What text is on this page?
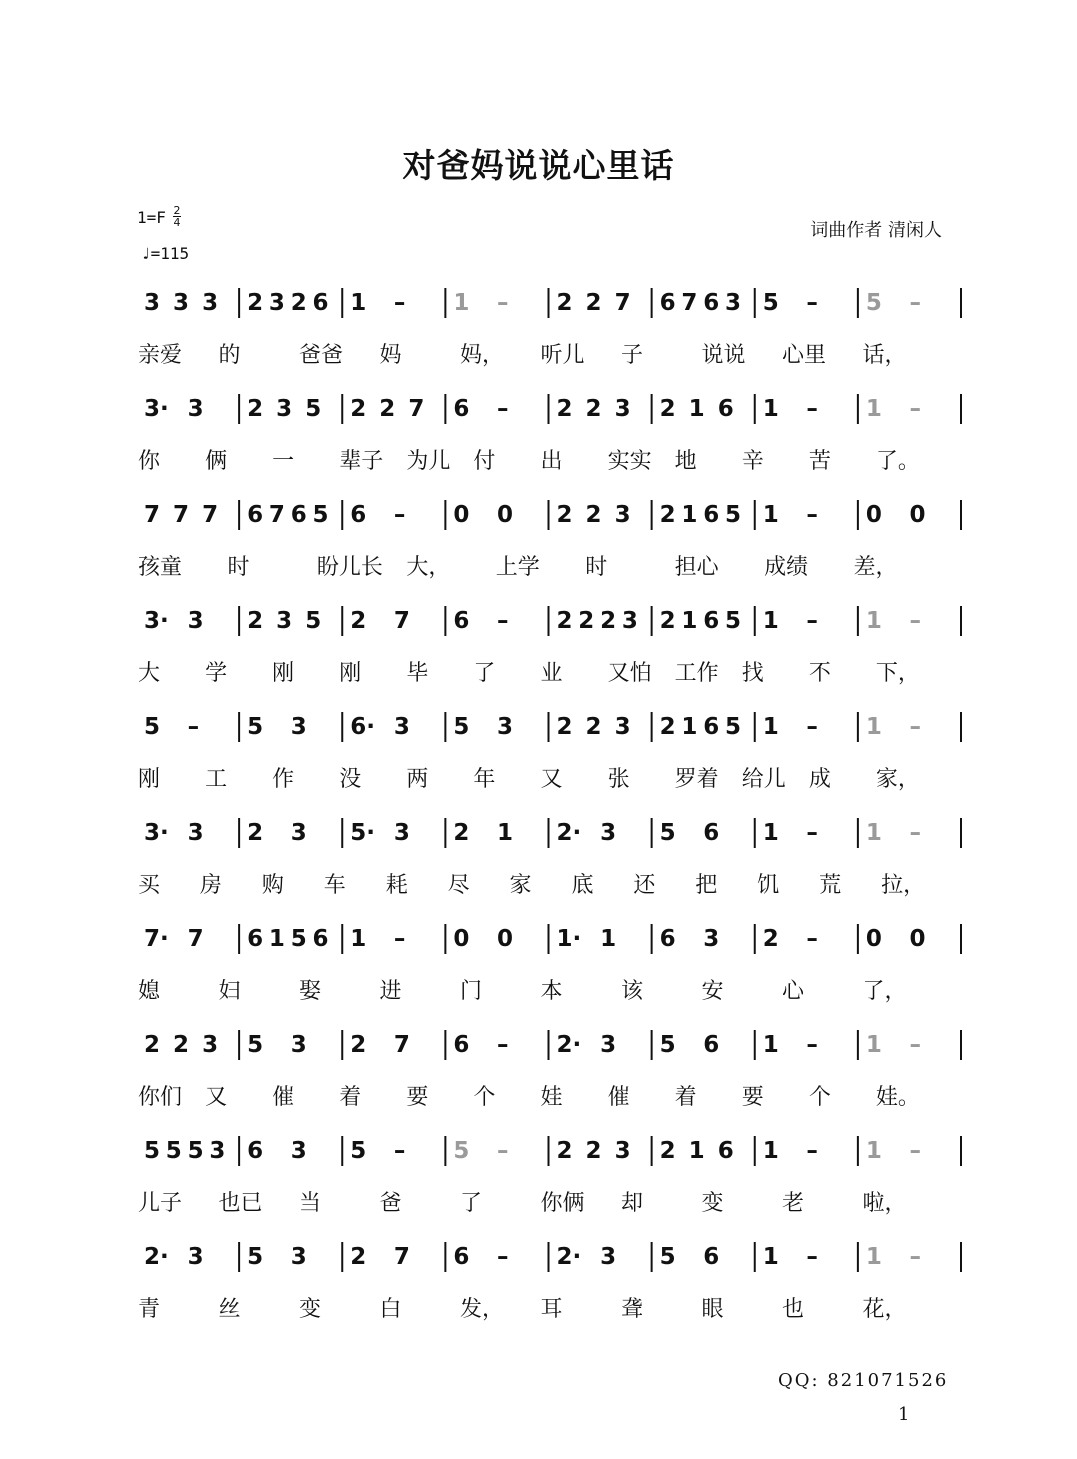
对爸妈说说心里话
1=F 2
4
♩=115
词曲作者 清闲人
3 3 3 2 3 2 6 1 – 1 – 2 2 7 6 7 6 3 5 – 5 –
亲爱 的	爸爸 妈	妈， 听儿 子	说说 心里 话，
3· 3 2 3 5 2 2 7 6 – 2 2 3 2 1 6 1 – 1 –
你 俩 一 辈子 为儿 付 出 实实 地 辛 苦 了。
7 7 7 6 7 6 5 6 – 0 0 2 2 3 2 1 6 5 1 – 0 0
孩童 时	盼儿长 大， 上学 时	担心 成绩 差，
3· 3 2 3 5 2 7 6 – 2 2 2 3 2 1 6 5 1 – 1 –
大 学 刚 刚 毕 了 业 又怕 工作 找 不 下，
5 – 5 3 6· 3 5 3 2 2 3 2 1 6 5 1 – 1 –
刚 工 作 没 两 年 又 张 罗着 给儿 成 家，
3· 3 2 3 5· 3 2 1 2· 3 5 6 1 – 1 –
买 房 购 车 耗 尽 家 底 还 把 饥 荒 拉，
7· 7 6 1 5 6 1 – 0 0 1· 1 6 3 2 – 0 0
媳	妇	娶	进	门	本	该	安	心	了，
2 2 3 5 3 2 7 6 – 2· 3 5 6 1 – 1 –
你们 又 催 着 要 个 娃 催 着 要 个 娃。
5 5 5 3 6 3 5 – 5 – 2 2 3 2 1 6 1 – 1 –
儿子 也已 当	爸	了	你俩 却	变	老	啦，
2· 3 5 3 2 7 6 – 2· 3 5 6 1 – 1 –
青	丝	变	白	发， 耳	聋	眼	也	花，
QQ: 821071526
1
